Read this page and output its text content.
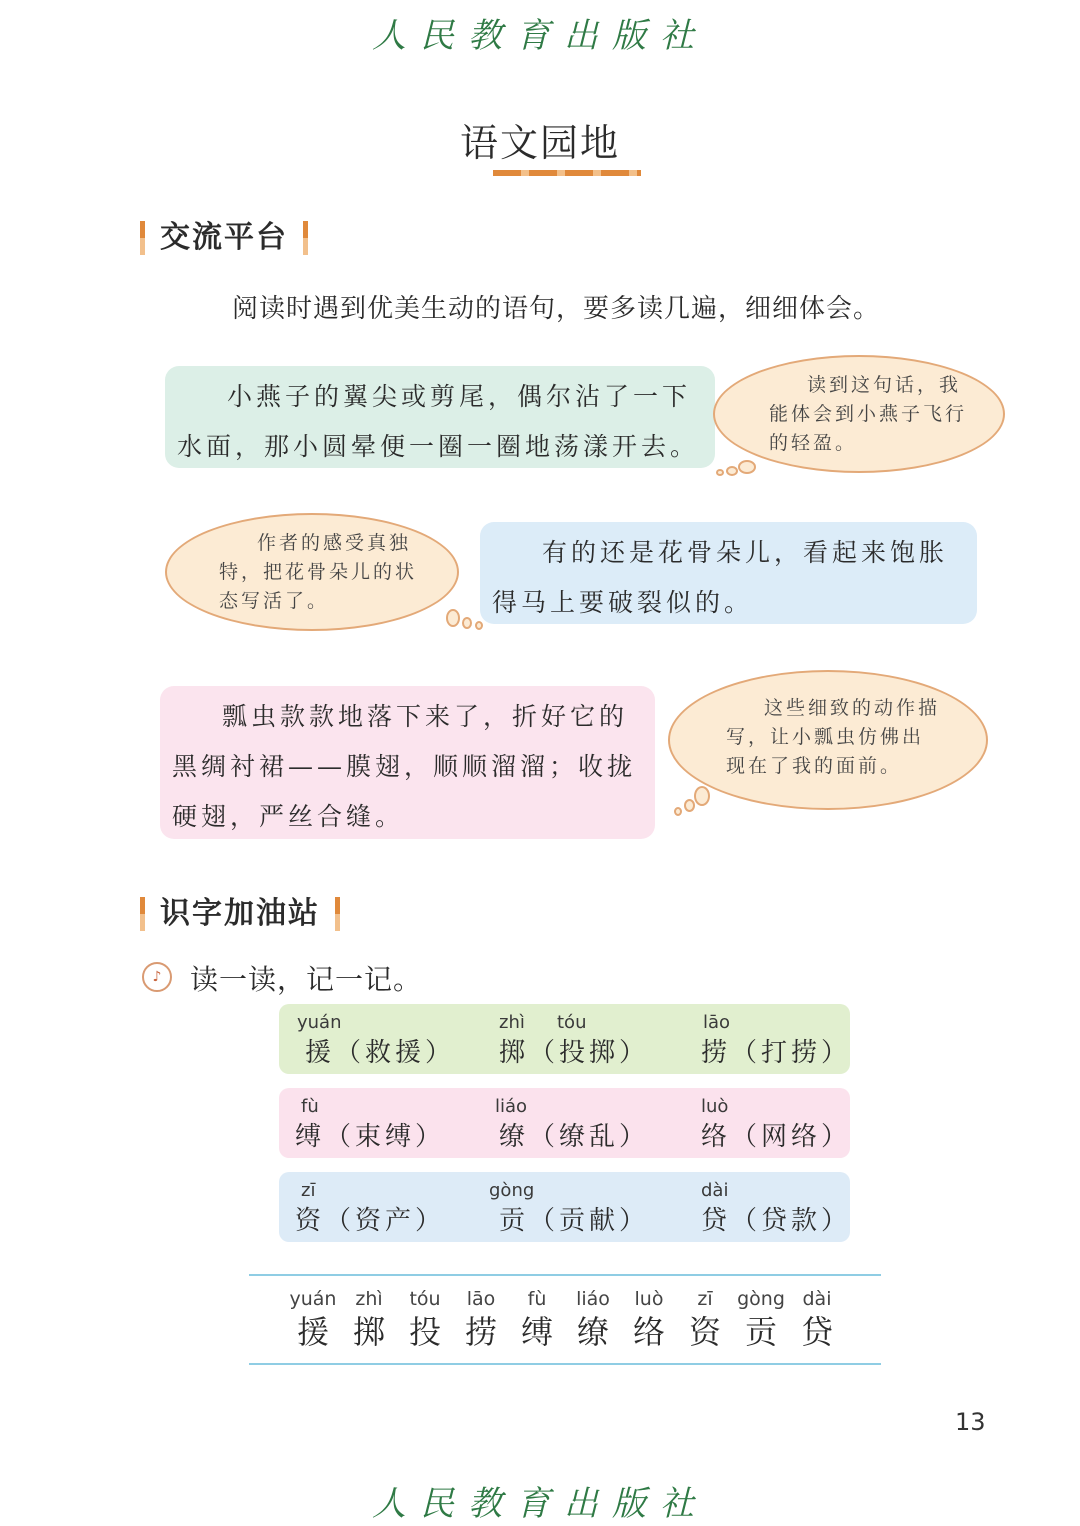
人民教育出版社
语文园地
交流平台
阅读时遇到优美生动的语句，要多读几遍，细细体会。

小燕子的翼尖或剪尾，偶尔沾了一下水面，那小圆晕便一圈一圈地荡漾开去。

读到这句话，我能体会到小燕子飞行的轻盈。

作者的感受真独特，把花骨朵儿的状态写活了。

有的还是花骨朵儿，看起来饱胀得马上要破裂似的。

瓢虫款款地落下来了，折好它的黑绸衬裙——膜翅，顺顺溜溜；收拢硬翅，严丝合缝。

这些细致的动作描写，让小瓢虫仿佛出现在了我的面前。

识字加油站
♪	读一读，记一记。
yuán
援（救援）
zhì tóu
掷（投掷）
lāo
捞（打捞）
fù
缚（束缚）
liáo
缭（缭乱）
luò
络（网络）
zī
资（资产）
gòng
贡（贡献）
dài
贷（贷款）
yuán
援
zhì
掷
tóu
投
lāo
捞
fù
缚
liáo
缭
luò
络
zī
资
gòng
贡
dài
贷
13
人民教育出版社
